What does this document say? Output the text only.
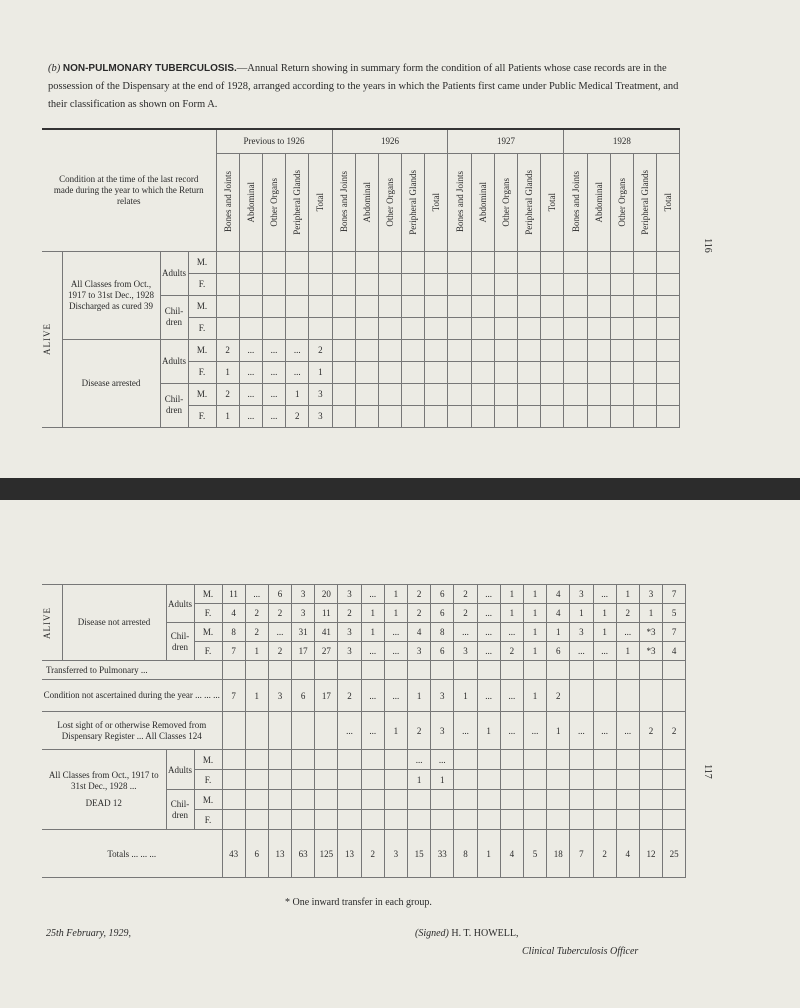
(b) NON-PULMONARY TUBERCULOSIS.—Annual Return showing in summary form the condition of all Patients whose case records are in the possession of the Dispensary at the end of 1928, arranged according to the years in which the Patients first came under Public Medical Treatment, and their classification as shown on Form A.
116
Condition at the time of the last record made during the year to which the Return relates				Previous to 1926					1926					1927					1928				

				Bones and Joints	Abdominal	Other Organs	Peripheral Glands	Total	Bones and Joints	Abdominal	Other Organs	Peripheral Glands	Total	Bones and Joints	Abdominal	Other Organs	Peripheral Glands	Total	Bones and Joints	Abdominal	Other Organs	Peripheral Glands	Total

ALIVE	All Classes from Oct., 1917 to 31st Dec., 1928 Discharged as cured 39	Adults	M.																				
			F.																				
		Chil- dren	M.																				
			F.																				
	Disease arrested	Adults	M.	2	...	...	...	2															
			F.	1	...	...	...	1															
		Chil- dren	M.	2	...	...	1	3															
			F.	1	...	...	2	3															
117
ALIVE	Disease not arrested	Adults	M.	11	...	6	3	20	3	...	1	2	6	2	...	1	1	4	3	...	1	3	7
			F.	4	2	2	3	11	2	1	1	2	6	2	...	1	1	4	1	1	2	1	5
		Chil- dren	M.	8	2	...	31	41	3	1	...	4	8	...	...	...	1	1	3	1	...	*3	7
			F.	7	1	2	17	27	3	...	...	3	6	3	...	2	1	6	...	...	1	*3	4
Transferred to Pulmonary ...																							
Condition not ascertained during the year ... ... ...				7	1	3	6	17	2	...	...	1	3	1	...	...	1	2					
Lost sight of or otherwise Removed from Dispensary Register ... All Classes 124									...	...	1	2	3	...	1	...	...	1	...	...	...	2	2

All Classes from Oct., 1917 to 31st Dec., 1928 ...
DEAD 12		Adults	M.									...	...										
			F.									1	1										
		Chil- dren	M.																				
			F.																				
Totals ... ... ...				43	6	13	63	125	13	2	3	15	33	8	1	4	5	18	7	2	4	12	25
* One inward transfer in each group.
25th February, 1929,	(Signed) H. T. HOWELL,
Clinical Tuberculosis Officer
